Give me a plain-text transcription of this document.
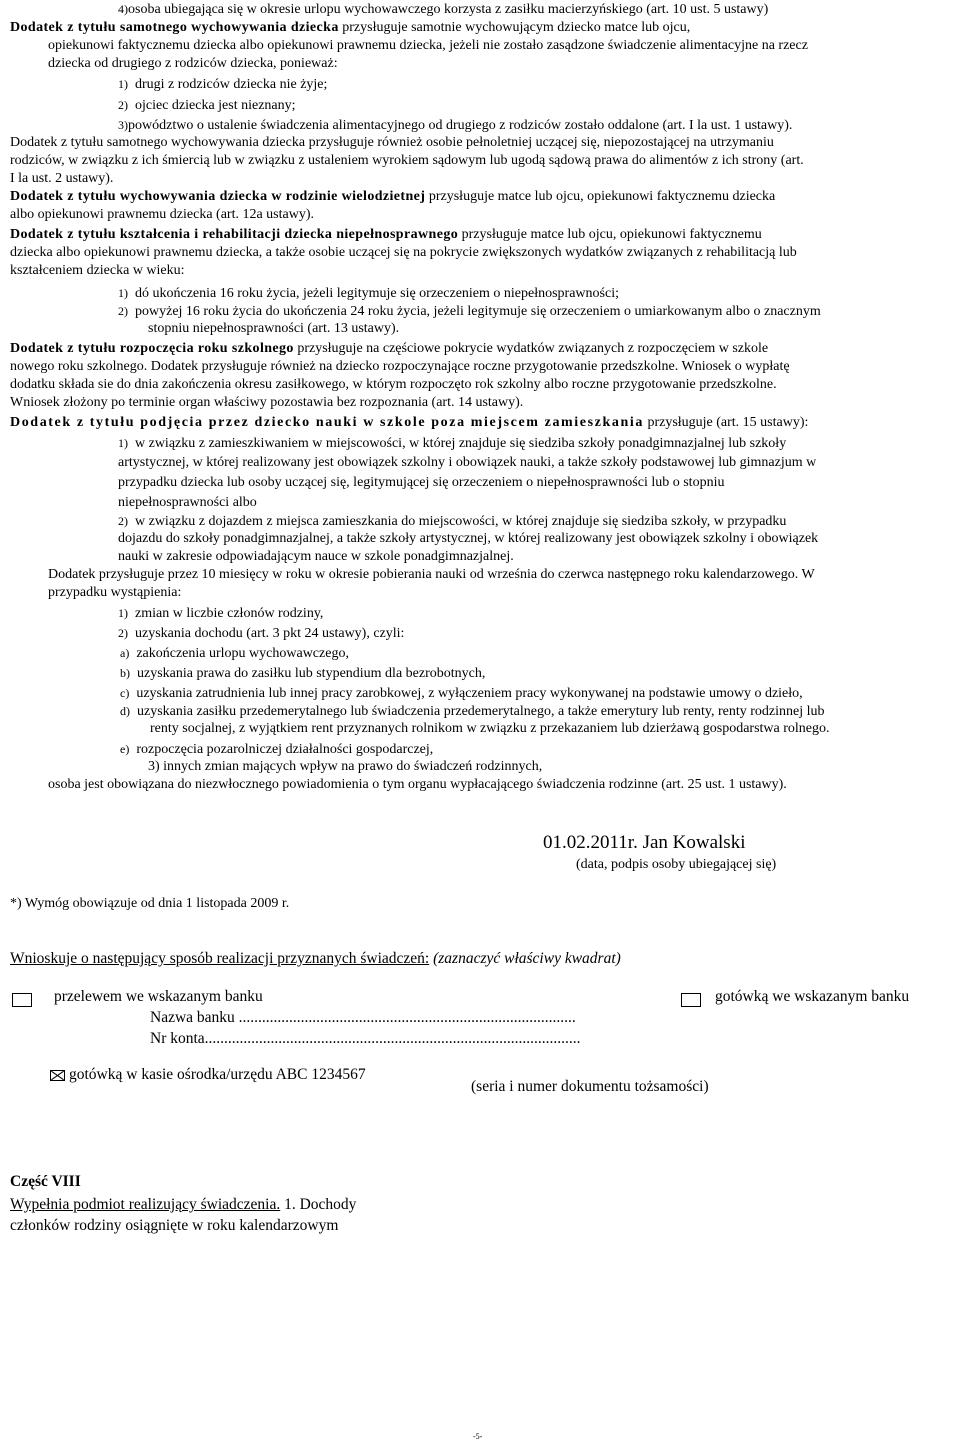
4)osoba ubiegająca się w okresie urlopu wychowawczego korzysta z zasiłku macierzyńskiego (art. 10 ust. 5 ustawy)
Dodatek z tytułu samotnego wychowywania dziecka przysługuje samotnie wychowującym dziecko matce lub ojcu,
opiekunowi faktycznemu dziecka albo opiekunowi prawnemu dziecka, jeżeli nie zostało zasądzone świadczenie alimentacyjne na rzecz
dziecka od drugiego z rodziców dziecka, ponieważ:
1) drugi z rodziców dziecka nie żyje;
2) ojciec dziecka jest nieznany;
3)powództwo o ustalenie świadczenia alimentacyjnego od drugiego z rodziców zostało oddalone (art. I la ust. 1 ustawy).
Dodatek z tytułu samotnego wychowywania dziecka przysługuje również osobie pełnoletniej uczącej się, niepozostającej na utrzymaniu
rodziców, w związku z ich śmiercią lub w związku z ustaleniem wyrokiem sądowym lub ugodą sądową prawa do alimentów z ich strony (art.
I la ust. 2 ustawy).
Dodatek z tytułu wychowywania dziecka w rodzinie wielodzietnej przysługuje matce lub ojcu, opiekunowi faktycznemu dziecka
albo opiekunowi prawnemu dziecka (art. 12a ustawy).
Dodatek z tytułu kształcenia i rehabilitacji dziecka niepełnosprawnego przysługuje matce lub ojcu, opiekunowi faktycznemu
dziecka albo opiekunowi prawnemu dziecka, a także osobie uczącej się na pokrycie zwiększonych wydatków związanych z rehabilitacją lub
kształceniem dziecka w wieku:
1) dó ukończenia 16 roku życia, jeżeli legitymuje się orzeczeniem o niepełnosprawności;
2) powyżej 16 roku życia do ukończenia 24 roku życia, jeżeli legitymuje się orzeczeniem o umiarkowanym albo o znacznym
stopniu niepełnosprawności (art. 13 ustawy).
Dodatek z tytułu rozpoczęcia roku szkolnego przysługuje na częściowe pokrycie wydatków związanych z rozpoczęciem w szkole
nowego roku szkolnego. Dodatek przysługuje również na dziecko rozpoczynające roczne przygotowanie przedszkolne. Wniosek o wypłatę
dodatku składa sie do dnia zakończenia okresu zasiłkowego, w którym rozpoczęto rok szkolny albo roczne przygotowanie przedszkolne.
Wniosek złożony po terminie organ właściwy pozostawia bez rozpoznania (art. 14 ustawy).
Dodatek z tytułu podjęcia przez dziecko nauki w szkole poza miejscem zamieszkania przysługuje (art. 15 ustawy):
1) w związku z zamieszkiwaniem w miejscowości, w której znajduje się siedziba szkoły ponadgimnazjalnej lub szkoły
artystycznej, w której realizowany jest obowiązek szkolny i obowiązek nauki, a także szkoły podstawowej lub gimnazjum w
przypadku dziecka lub osoby uczącej się, legitymującej się orzeczeniem o niepełnosprawności lub o stopniu
niepełnosprawności albo
2) w związku z dojazdem z miejsca zamieszkania do miejscowości, w której znajduje się siedziba szkoły, w przypadku
dojazdu do szkoły ponadgimnazjalnej, a także szkoły artystycznej, w której realizowany jest obowiązek szkolny i obowiązek
nauki w zakresie odpowiadającym nauce w szkole ponadgimnazjalnej.
Dodatek przysługuje przez 10 miesięcy w roku w okresie pobierania nauki od września do czerwca następnego roku kalendarzowego. W
przypadku wystąpienia:
1) zmian w liczbie członów rodziny,
2) uzyskania dochodu (art. 3 pkt 24 ustawy), czyli:
a) zakończenia urlopu wychowawczego,
b) uzyskania prawa do zasiłku lub stypendium dla bezrobotnych,
c) uzyskania zatrudnienia lub innej pracy zarobkowej, z wyłączeniem pracy wykonywanej na podstawie umowy o dzieło,
d) uzyskania zasiłku przedemerytalnego lub świadczenia przedemerytalnego, a także emerytury lub renty, renty rodzinnej lub
renty socjalnej, z wyjątkiem rent przyznanych rolnikom w związku z przekazaniem lub dzierżawą gospodarstwa rolnego.
e) rozpoczęcia pozarolniczej działalności gospodarczej,
3) innych zmian mających wpływ na prawo do świadczeń rodzinnych,
osoba jest obowiązana do niezwłocznego powiadomienia o tym organu wypłacającego świadczenia rodzinne (art. 25 ust. 1 ustawy).
01.02.2011r. Jan Kowalski
(data, podpis osoby ubiegającej się)
*) Wymóg obowiązuje od dnia 1 listopada 2009 r.
Wnioskuje o następujący sposób realizacji przyznanych świadczeń: (zaznaczyć właściwy kwadrat)
przelewem we wskazanym banku	gotówką we wskazanym banku
Nazwa banku .......................................................................................
Nr konta.................................................................................................
gotówką w kasie ośrodka/urzędu ABC 1234567
(seria i numer dokumentu tożsamości)
Część VIII
Wypełnia podmiot realizujący świadczenia. 1. Dochody
członków rodziny osiągnięte w roku kalendarzowym
-5-
